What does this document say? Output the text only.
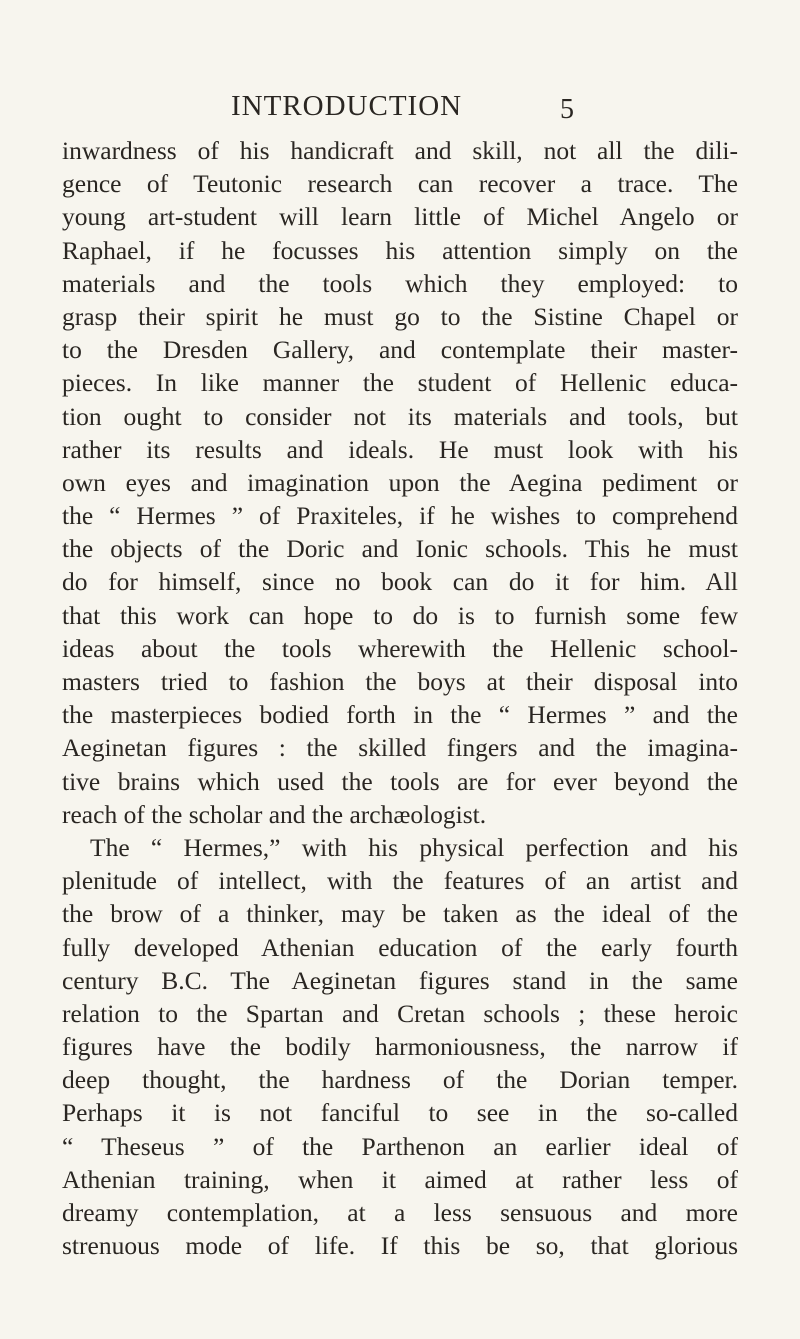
INTRODUCTION	5
inwardness of his handicraft and skill, not all the dili-
gence of Teutonic research can recover a trace. The
young art-student will learn little of Michel Angelo or
Raphael, if he focusses his attention simply on the
materials and the tools which they employed: to
grasp their spirit he must go to the Sistine Chapel or
to the Dresden Gallery, and contemplate their master-
pieces. In like manner the student of Hellenic educa-
tion ought to consider not its materials and tools, but
rather its results and ideals. He must look with his
own eyes and imagination upon the Aegina pediment or
the “ Hermes ” of Praxiteles, if he wishes to comprehend
the objects of the Doric and Ionic schools. This he must
do for himself, since no book can do it for him. All
that this work can hope to do is to furnish some few
ideas about the tools wherewith the Hellenic school-
masters tried to fashion the boys at their disposal into
the masterpieces bodied forth in the “ Hermes ” and the
Aeginetan figures : the skilled fingers and the imagina-
tive brains which used the tools are for ever beyond the
reach of the scholar and the archæologist.
The “ Hermes,” with his physical perfection and his
plenitude of intellect, with the features of an artist and
the brow of a thinker, may be taken as the ideal of the
fully developed Athenian education of the early fourth
century B.C. The Aeginetan figures stand in the same
relation to the Spartan and Cretan schools ; these heroic
figures have the bodily harmoniousness, the narrow if
deep thought, the hardness of the Dorian temper.
Perhaps it is not fanciful to see in the so-called
“ Theseus ” of the Parthenon an earlier ideal of
Athenian training, when it aimed at rather less of
dreamy contemplation, at a less sensuous and more
strenuous mode of life. If this be so, that glorious
